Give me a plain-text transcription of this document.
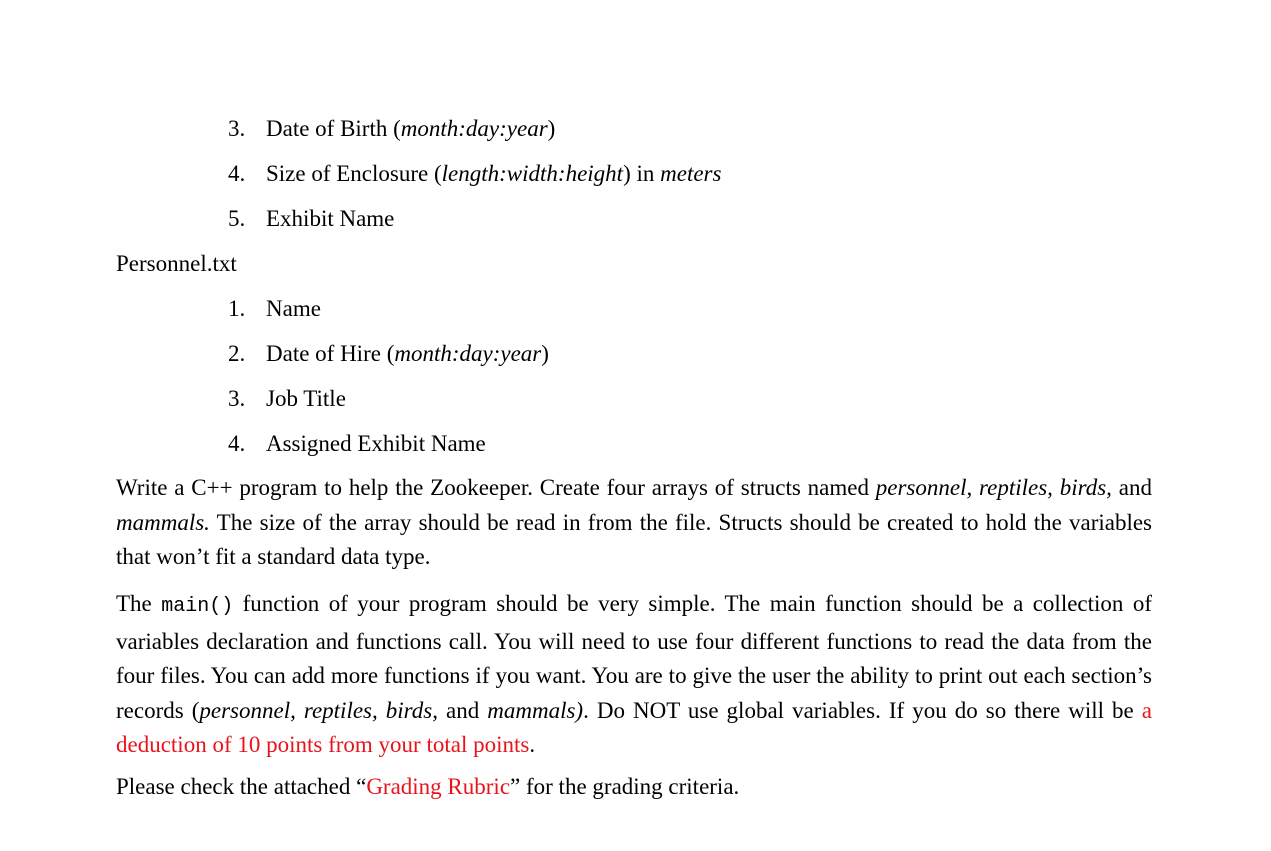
3. Date of Birth (month:day:year)
4. Size of Enclosure (length:width:height) in meters
5. Exhibit Name
Personnel.txt
1. Name
2. Date of Hire (month:day:year)
3. Job Title
4. Assigned Exhibit Name
Write a C++ program to help the Zookeeper. Create four arrays of structs named personnel, reptiles, birds, and mammals. The size of the array should be read in from the file. Structs should be created to hold the variables that won’t fit a standard data type.
The main() function of your program should be very simple. The main function should be a collection of variables declaration and functions call. You will need to use four different functions to read the data from the four files. You can add more functions if you want. You are to give the user the ability to print out each section’s records (personnel, reptiles, birds, and mammals). Do NOT use global variables. If you do so there will be a deduction of 10 points from your total points.
Please check the attached “Grading Rubric” for the grading criteria.
